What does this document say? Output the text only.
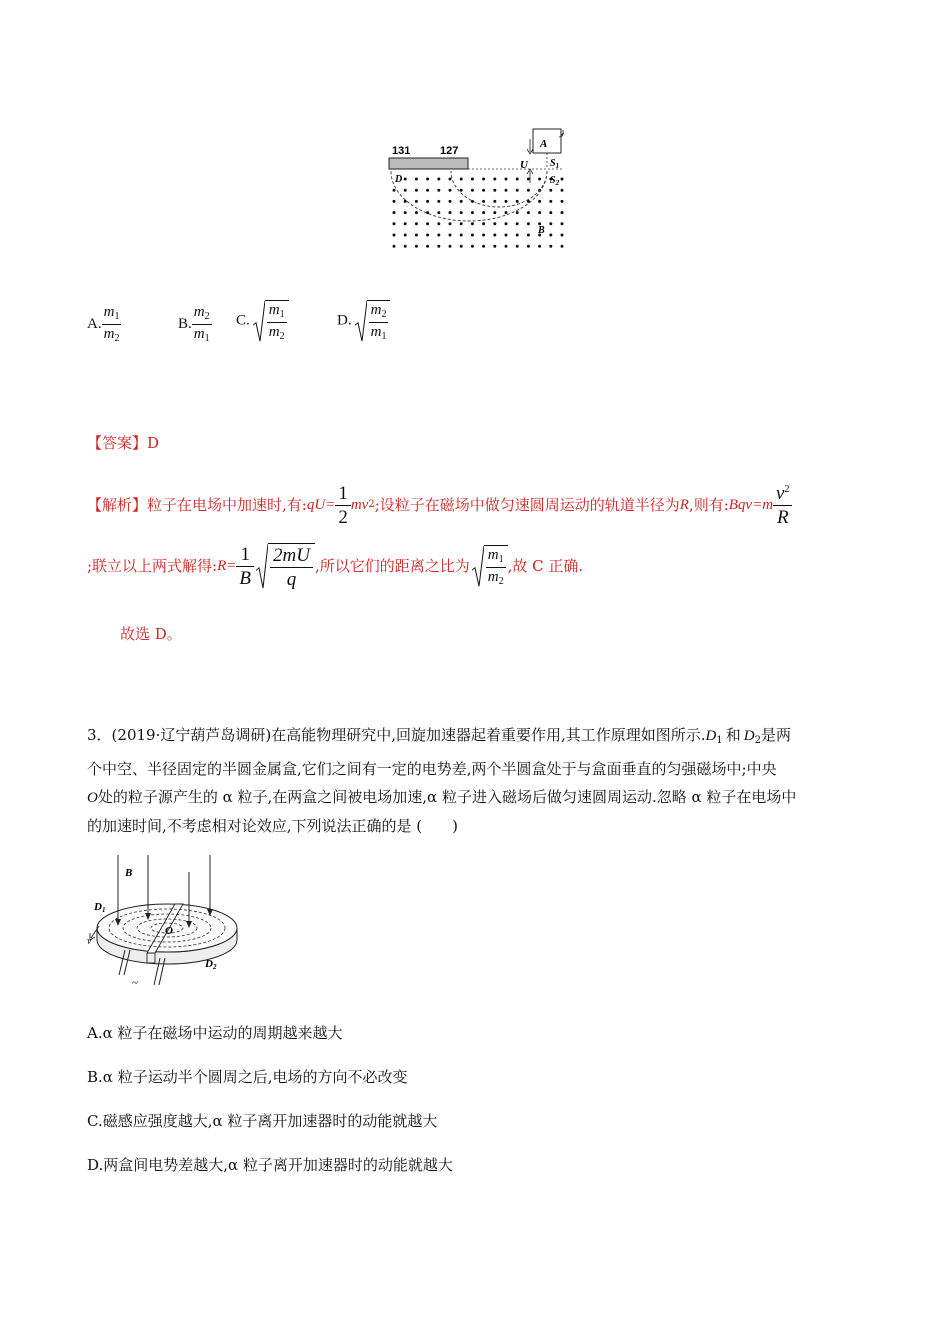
131	127
A
U $S_1$
$S_2$
D
B
A. $\frac{m_1}{m_2}$	B. $\frac{m_2}{m_1} C$. $\frac{m_1}{m_2}$	D. $\frac{m_2}{m_1}$
【答案】D
【解析】 粒子在电场中加速时,有: $qU= \frac{1}{2}$ mv 2 ;设粒子在磁场中做匀速圆周运动的轨道半径为 R ,则有: $Bqv=m \frac{v^2}{R}$
;联立以上两式解得: $R= \frac{1}{B} \frac{2mU}{q}$ ,所以它们的距离之比为 $\frac{m_1}{m_2}$ ,故 C 正确.
故选 D。
3．(2019·辽宁葫芦岛调研)在高能物理研究中,回旋加速器起着重要作用,其工作原理如图所示$.D_1$ 和 $D_2$是两
个中空、半径固定的半圆金属盒,它们之间有一定的电势差,两个半圆盒处于与盒面垂直的匀强磁场中;中央
O处的粒子源产生的 α 粒子,在两盒之间被电场加速,α 粒子进入磁场后做匀速圆周运动.忽略 α 粒子在电场中
的加速时间,不考虑相对论效应,下列说法正确的是 (　　)
B
D1
D2
O
v
~
A.α 粒子在磁场中运动的周期越来越大
B.α 粒子运动半个圆周之后,电场的方向不必改变
C.磁感应强度越大,α 粒子离开加速器时的动能就越大
D.两盒间电势差越大,α 粒子离开加速器时的动能就越大
